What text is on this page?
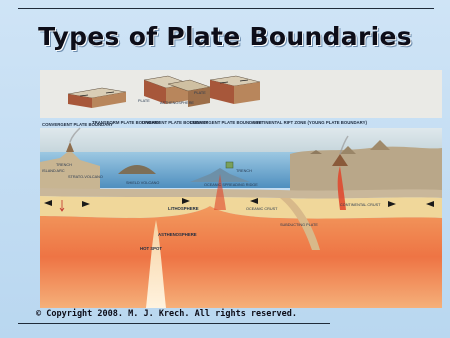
Types of Plate Boundaries
PLATE
PLATE
ASTHENOSPHERE
CONVERGENT PLATE BOUNDARY
TRANSFORM PLATE BOUNDARY
DIVERGENT PLATE BOUNDARY
CONVERGENT PLATE BOUNDARY
CONTINENTAL RIFT ZONE (YOUNG PLATE BOUNDARY)
TRENCH
ISLAND ARC
STRATO-VOLCANO
SHIELD VOLCANO	OCEANIC SPREADING RIDGE
TRENCH
OCEANIC CRUST
CONTINENTAL CRUST
LITHOSPHERE
ASTHENOSPHERE
SUBDUCTING PLATE
HOT SPOT
© Copyright 2008. M. J. Krech. All rights reserved.
